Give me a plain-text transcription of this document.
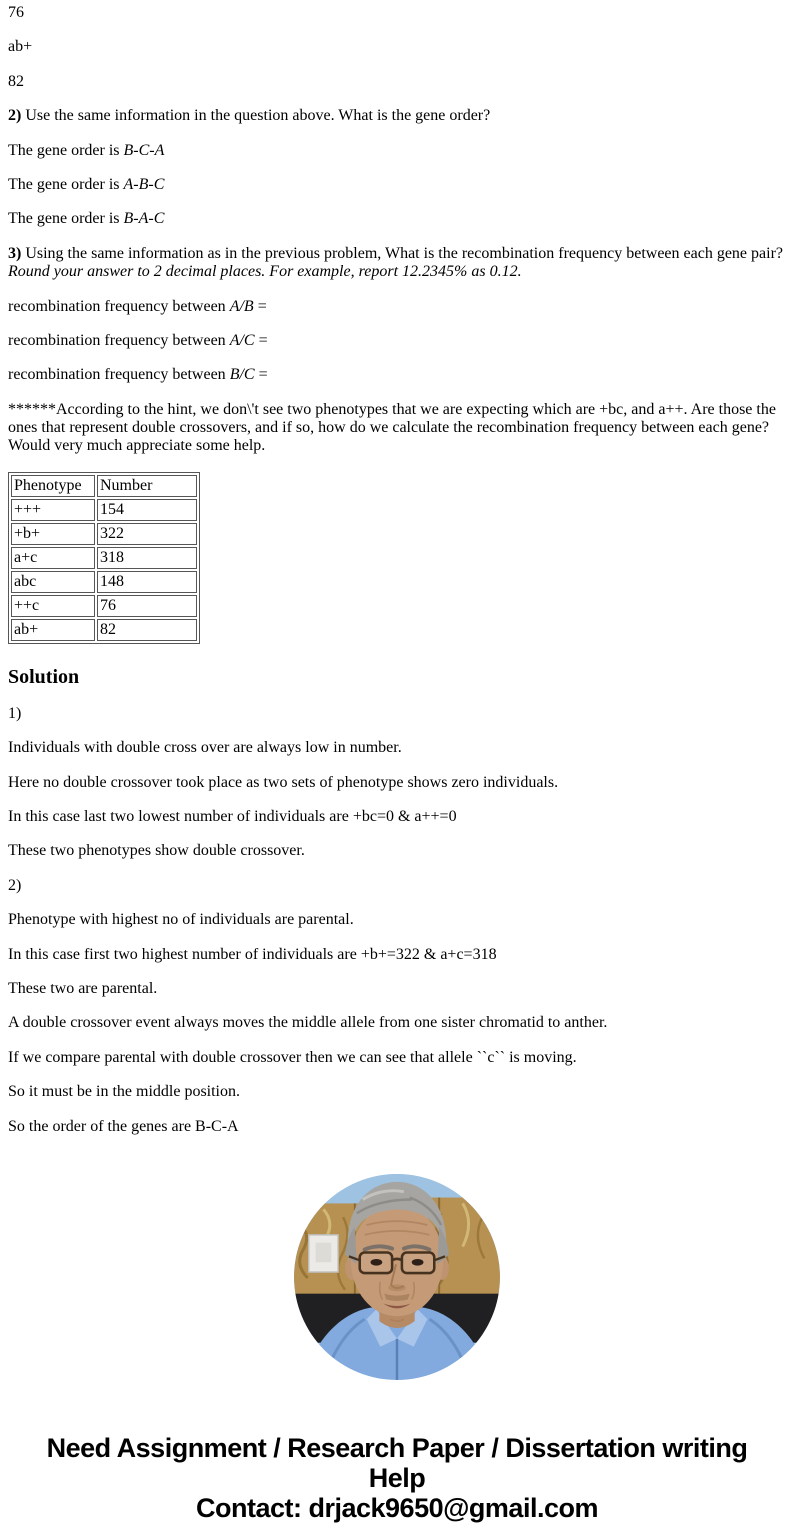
76

ab+

82

2) Use the same information in the question above. What is the gene order?

The gene order is B-C-A

The gene order is A-B-C

The gene order is B-A-C

3) Using the same information as in the previous problem, What is the recombination frequency between each gene pair? Round your answer to 2 decimal places. For example, report 12.2345% as 0.12.

recombination frequency between A/B =

recombination frequency between A/C =

recombination frequency between B/C =

******According to the hint, we don\'t see two phenotypes that we are expecting which are +bc, and a++. Are those the ones that represent double crossovers, and if so, how do we calculate the recombination frequency between each gene? Would very much appreciate some help.

Phenotype	Number
+++	154
+b+	322
a+c	318
abc	148
++c	76
ab+	82
Solution

1)

Individuals with double cross over are always low in number.

Here no double crossover took place as two sets of phenotype shows zero individuals.

In this case last two lowest number of individuals are +bc=0 & a++=0

These two phenotypes show double crossover.

2)

Phenotype with highest no of individuals are parental.

In this case first two highest number of individuals are +b+=322 & a+c=318

These two are parental.

A double crossover event always moves the middle allele from one sister chromatid to anther.

If we compare parental with double crossover then we can see that allele ``c`` is moving.

So it must be in the middle position.

So the order of the genes are B-C-A

Need Assignment / Research Paper / Dissertation writing Help
Contact: drjack9650@gmail.com
